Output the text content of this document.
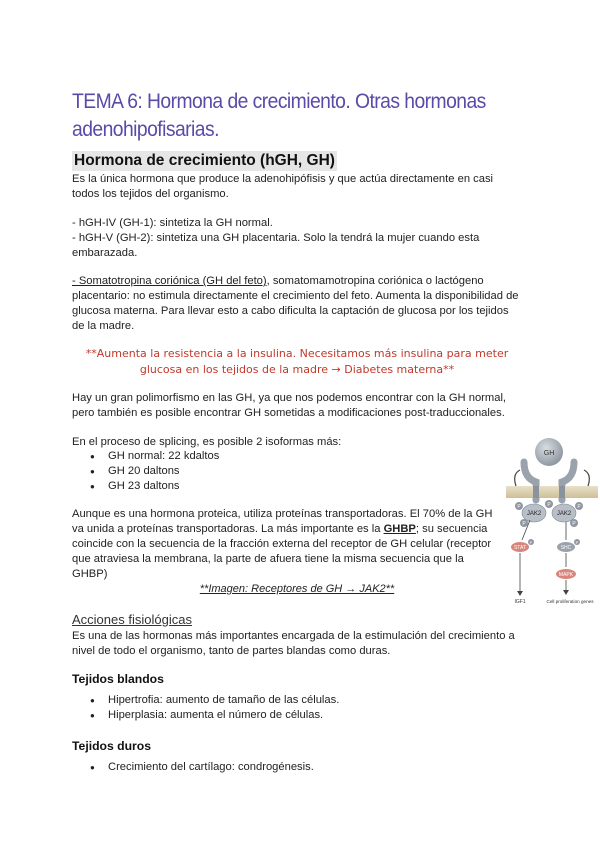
TEMA 6: Hormona de crecimiento. Otras hormonas adenohipofisarias.
Hormona de crecimiento (hGH, GH)

Es la única hormona que produce la adenohipófisis y que actúa directamente en casi todos los tejidos del organismo.

- hGH-IV (GH-1): sintetiza la GH normal.

- hGH-V (GH-2): sintetiza una GH placentaria. Solo la tendrá la mujer cuando esta embarazada.

- Somatotropina coriónica (GH del feto), somatomamotropina coriónica o lactógeno placentario: no estimula directamente el crecimiento del feto. Aumenta la disponibilidad de glucosa materna. Para llevar esto a cabo dificulta la captación de glucosa por los tejidos de la madre.

**Aumenta la resistencia a la insulina. Necesitamos más insulina para meter glucosa en los tejidos de la madre → Diabetes materna**

Hay un gran polimorfismo en las GH, ya que nos podemos encontrar con la GH normal, pero también es posible encontrar GH sometidas a modificaciones post-traduccionales.

En el proceso de splicing, es posible 2 isoformas más:

● GH normal: 22 kdaltos
● GH 20 daltons
● GH 23 daltons

Aunque es una hormona proteica, utiliza proteínas transportadoras. El 70% de la GH va unida a proteínas transportadoras. La más importante es la GHBP; su secuencia coincide con la secuencia de la fracción externa del receptor de GH celular (receptor que atraviesa la membrana, la parte de afuera tiene la misma secuencia que la GHBP)

**Imagen: Receptores de GH → JAK2**

Acciones fisiológicas

Es una de las hormonas más importantes encargada de la estimulación del crecimiento a nivel de todo el organismo, tanto de partes blandas como duras.

Tejidos blandos
● Hipertrofia: aumento de tamaño de las células.
● Hiperplasia: aumenta el número de células.
Tejidos duros
● Crecimiento del cartílago: condrogénesis.
GH
JAK2	JAK2
P	P	P
P	P
STAT
P
SHC
P
MAPK
IGF1	Cell proliferation genes
